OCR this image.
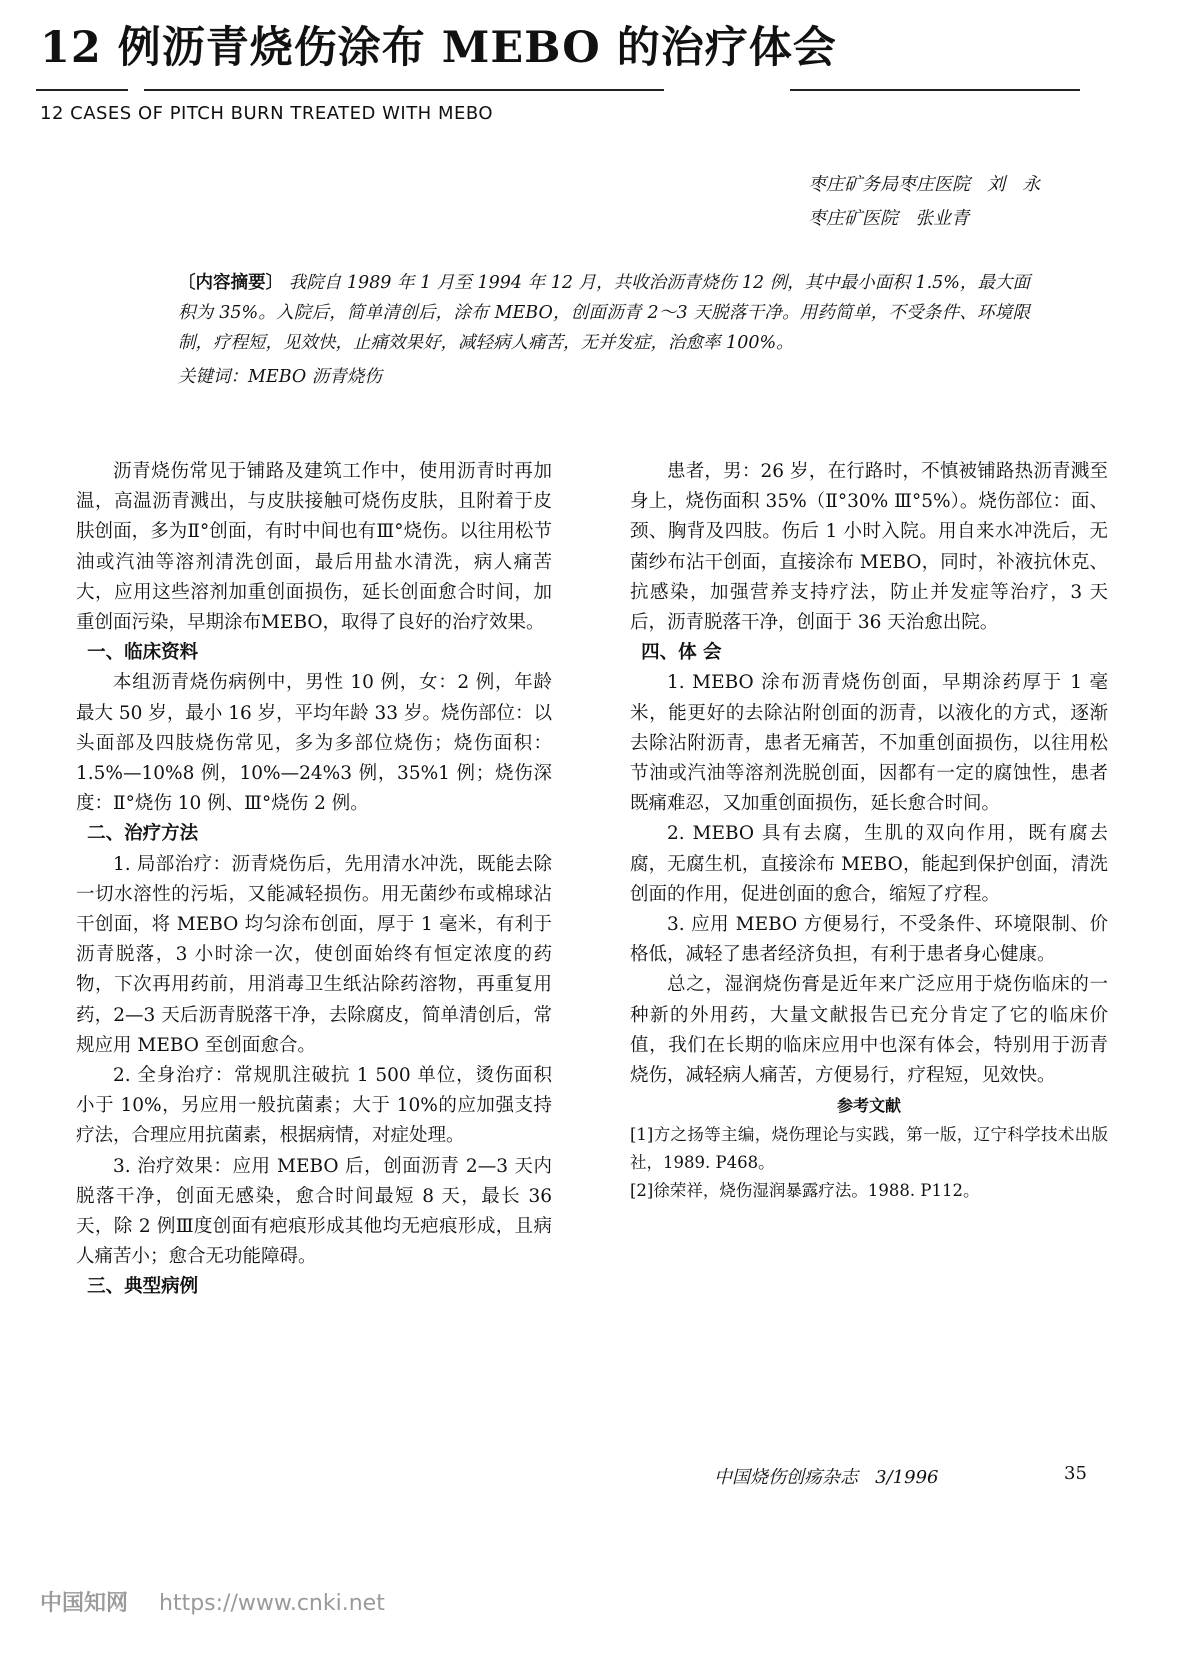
12 例沥青烧伤涂布 MEBO 的治疗体会
12 CASES OF PITCH BURN TREATED WITH MEBO
枣庄矿务局枣庄医院   刘   永
枣庄矿医院   张业青

〔内容摘要〕 我院自 1989 年 1 月至 1994 年 12 月，共收治沥青烧伤 12 例，其中最小面积 1.5%，最大面积为 35%。入院后，简单清创后，涂布 MEBO，创面沥青 2～3 天脱落干净。用药简单，不受条件、环境限制，疗程短，见效快，止痛效果好，减轻病人痛苦，无并发症，治愈率 100%。

关键词：MEBO 沥青烧伤

沥青烧伤常见于铺路及建筑工作中，使用沥青时再加温，高温沥青溅出，与皮肤接触可烧伤皮肤，且附着于皮肤创面，多为Ⅱ°创面，有时中间也有Ⅲ°烧伤。以往用松节油或汽油等溶剂清洗创面，最后用盐水清洗，病人痛苦大，应用这些溶剂加重创面损伤，延长创面愈合时间，加重创面污染，早期涂布MEBO，取得了良好的治疗效果。

一、临床资料

本组沥青烧伤病例中，男性 10 例，女：2 例，年龄最大 50 岁，最小 16 岁，平均年龄 33 岁。烧伤部位：以头面部及四肢烧伤常见，多为多部位烧伤；烧伤面积：1.5%—10%8 例，10%—24%3 例，35%1 例；烧伤深度：Ⅱ°烧伤 10 例、Ⅲ°烧伤 2 例。

二、治疗方法

1. 局部治疗：沥青烧伤后，先用清水冲洗，既能去除一切水溶性的污垢，又能减轻损伤。用无菌纱布或棉球沾干创面，将 MEBO 均匀涂布创面，厚于 1 毫米，有利于沥青脱落，3 小时涂一次，使创面始终有恒定浓度的药物，下次再用药前，用消毒卫生纸沾除药溶物，再重复用药，2—3 天后沥青脱落干净，去除腐皮，简单清创后，常规应用 MEBO 至创面愈合。

2. 全身治疗：常规肌注破抗 1 500 单位，烫伤面积小于 10%，另应用一般抗菌素；大于 10%的应加强支持疗法，合理应用抗菌素，根据病情，对症处理。

3. 治疗效果：应用 MEBO 后，创面沥青 2—3 天内脱落干净，创面无感染，愈合时间最短 8 天，最长 36 天，除 2 例Ⅲ度创面有疤痕形成其他均无疤痕形成，且病人痛苦小；愈合无功能障碍。

三、典型病例

患者，男：26 岁，在行路时，不慎被铺路热沥青溅至身上，烧伤面积 35%（Ⅱ°30% Ⅲ°5%）。烧伤部位：面、颈、胸背及四肢。伤后 1 小时入院。用自来水冲洗后，无菌纱布沾干创面，直接涂布 MEBO，同时，补液抗休克、抗感染，加强营养支持疗法，防止并发症等治疗，3 天后，沥青脱落干净，创面于 36 天治愈出院。

四、体 会

1. MEBO 涂布沥青烧伤创面，早期涂药厚于 1 毫米，能更好的去除沾附创面的沥青，以液化的方式，逐渐去除沾附沥青，患者无痛苦，不加重创面损伤，以往用松节油或汽油等溶剂洗脱创面，因都有一定的腐蚀性，患者既痛难忍，又加重创面损伤，延长愈合时间。

2. MEBO 具有去腐，生肌的双向作用，既有腐去腐，无腐生机，直接涂布 MEBO，能起到保护创面，清洗创面的作用，促进创面的愈合，缩短了疗程。

3. 应用 MEBO 方便易行，不受条件、环境限制、价格低，减轻了患者经济负担，有利于患者身心健康。

总之，湿润烧伤膏是近年来广泛应用于烧伤临床的一种新的外用药，大量文献报告已充分肯定了它的临床价值，我们在长期的临床应用中也深有体会，特别用于沥青烧伤，减轻病人痛苦，方便易行，疗程短，见效快。

参考文献

[1]方之扬等主编，烧伤理论与实践，第一版，辽宁科学技术出版社，1989. P468。

[2]徐荣祥，烧伤湿润暴露疗法。1988. P112。

中国烧伤创疡杂志   3/1996	35
中国知网 https://www.cnki.net
